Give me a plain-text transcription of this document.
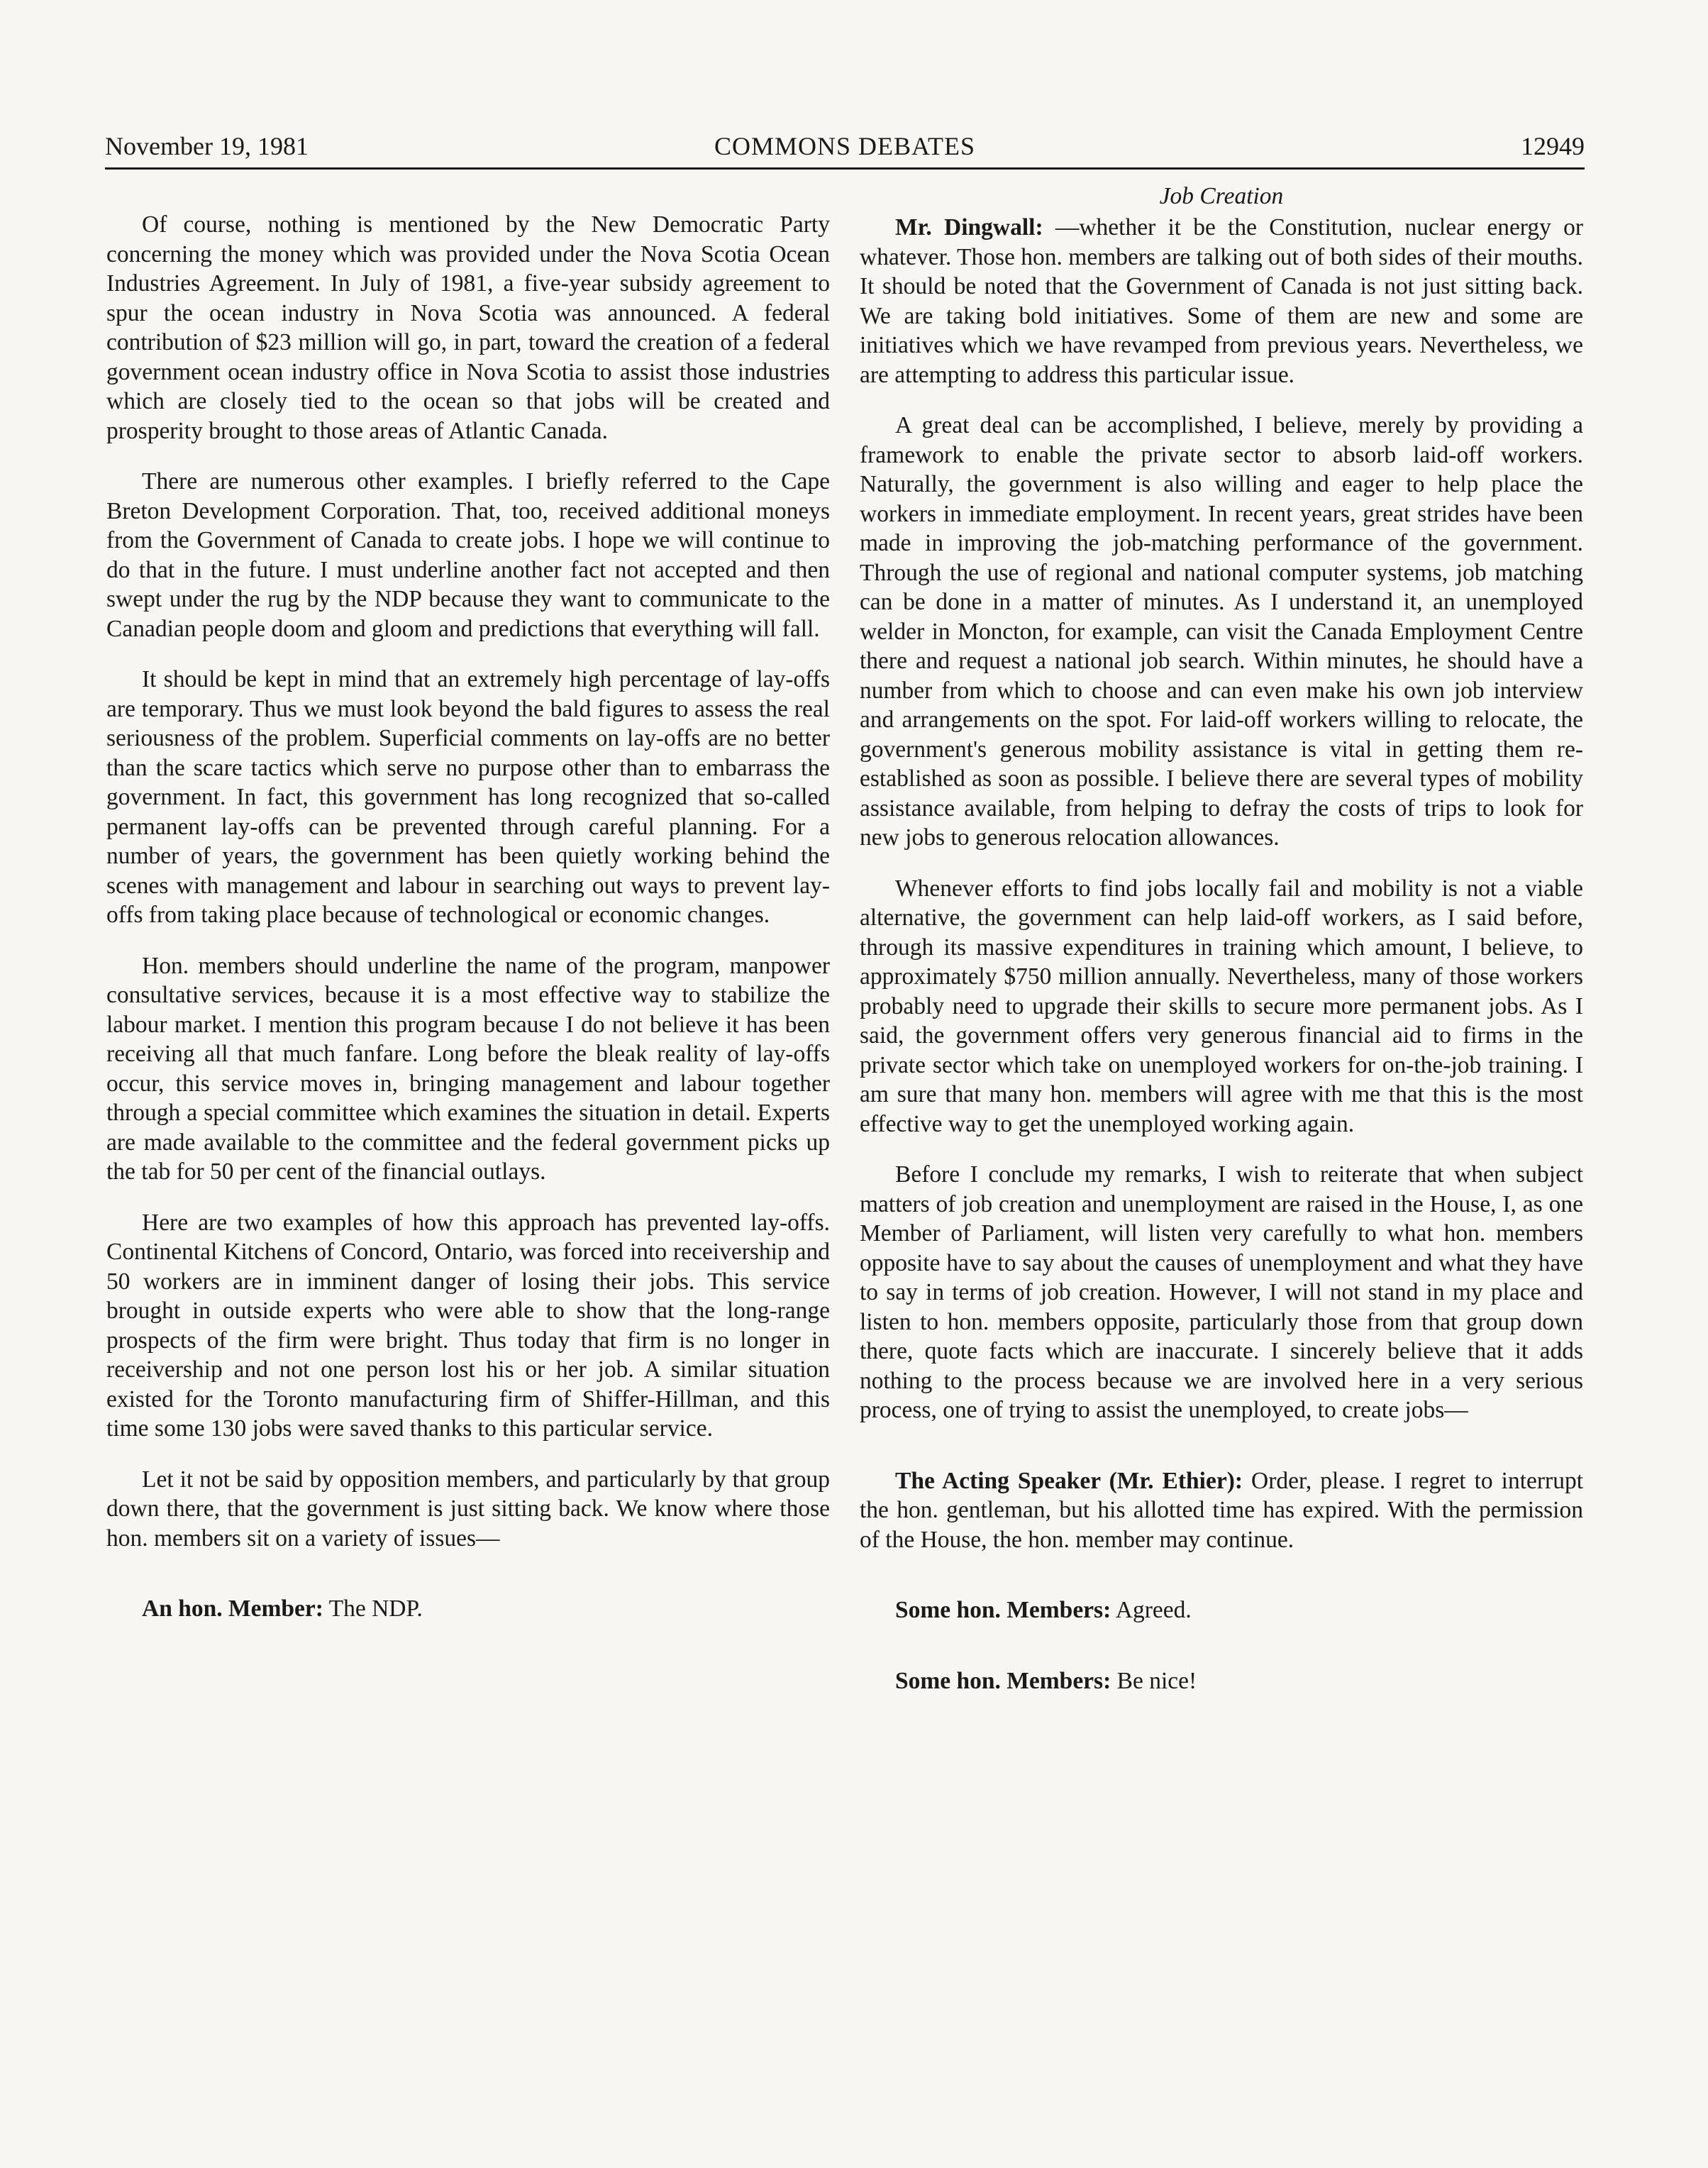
November 19, 1981	COMMONS DEBATES	12949

Of course, nothing is mentioned by the New Democratic Party concerning the money which was provided under the Nova Scotia Ocean Industries Agreement. In July of 1981, a five-year subsidy agreement to spur the ocean industry in Nova Scotia was announced. A federal contribution of $23 million will go, in part, toward the creation of a federal government ocean industry office in Nova Scotia to assist those industries which are closely tied to the ocean so that jobs will be created and prosperity brought to those areas of Atlantic Canada.

There are numerous other examples. I briefly referred to the Cape Breton Development Corporation. That, too, received additional moneys from the Government of Canada to create jobs. I hope we will continue to do that in the future. I must underline another fact not accepted and then swept under the rug by the NDP because they want to communicate to the Canadian people doom and gloom and predictions that everything will fall.

It should be kept in mind that an extremely high percentage of lay-offs are temporary. Thus we must look beyond the bald figures to assess the real seriousness of the problem. Superficial comments on lay-offs are no better than the scare tactics which serve no purpose other than to embarrass the government. In fact, this government has long recognized that so-called permanent lay-offs can be prevented through careful planning. For a number of years, the government has been quietly working behind the scenes with management and labour in searching out ways to prevent lay-offs from taking place because of technological or economic changes.

Hon. members should underline the name of the program, manpower consultative services, because it is a most effective way to stabilize the labour market. I mention this program because I do not believe it has been receiving all that much fanfare. Long before the bleak reality of lay-offs occur, this service moves in, bringing management and labour together through a special committee which examines the situation in detail. Experts are made available to the committee and the federal government picks up the tab for 50 per cent of the financial outlays.

Here are two examples of how this approach has prevented lay-offs. Continental Kitchens of Concord, Ontario, was forced into receivership and 50 workers are in imminent danger of losing their jobs. This service brought in outside experts who were able to show that the long-range prospects of the firm were bright. Thus today that firm is no longer in receivership and not one person lost his or her job. A similar situation existed for the Toronto manufacturing firm of Shiffer-Hillman, and this time some 130 jobs were saved thanks to this particular service.

Let it not be said by opposition members, and particularly by that group down there, that the government is just sitting back. We know where those hon. members sit on a variety of issues—

An hon. Member: The NDP.

Job Creation

Mr. Dingwall: —whether it be the Constitution, nuclear energy or whatever. Those hon. members are talking out of both sides of their mouths. It should be noted that the Government of Canada is not just sitting back. We are taking bold initiatives. Some of them are new and some are initiatives which we have revamped from previous years. Nevertheless, we are attempting to address this particular issue.

A great deal can be accomplished, I believe, merely by providing a framework to enable the private sector to absorb laid-off workers. Naturally, the government is also willing and eager to help place the workers in immediate employment. In recent years, great strides have been made in improving the job-matching performance of the government. Through the use of regional and national computer systems, job matching can be done in a matter of minutes. As I understand it, an unemployed welder in Moncton, for example, can visit the Canada Employment Centre there and request a national job search. Within minutes, he should have a number from which to choose and can even make his own job interview and arrangements on the spot. For laid-off workers willing to relocate, the government's generous mobility assistance is vital in getting them re-established as soon as possible. I believe there are several types of mobility assistance available, from helping to defray the costs of trips to look for new jobs to generous relocation allowances.

Whenever efforts to find jobs locally fail and mobility is not a viable alternative, the government can help laid-off workers, as I said before, through its massive expenditures in training which amount, I believe, to approximately $750 million annually. Nevertheless, many of those workers probably need to upgrade their skills to secure more permanent jobs. As I said, the government offers very generous financial aid to firms in the private sector which take on unemployed workers for on-the-job training. I am sure that many hon. members will agree with me that this is the most effective way to get the unemployed working again.

Before I conclude my remarks, I wish to reiterate that when subject matters of job creation and unemployment are raised in the House, I, as one Member of Parliament, will listen very carefully to what hon. members opposite have to say about the causes of unemployment and what they have to say in terms of job creation. However, I will not stand in my place and listen to hon. members opposite, particularly those from that group down there, quote facts which are inaccurate. I sincerely believe that it adds nothing to the process because we are involved here in a very serious process, one of trying to assist the unemployed, to create jobs—

The Acting Speaker (Mr. Ethier): Order, please. I regret to interrupt the hon. gentleman, but his allotted time has expired. With the permission of the House, the hon. member may continue.

Some hon. Members: Agreed.

Some hon. Members: Be nice!
